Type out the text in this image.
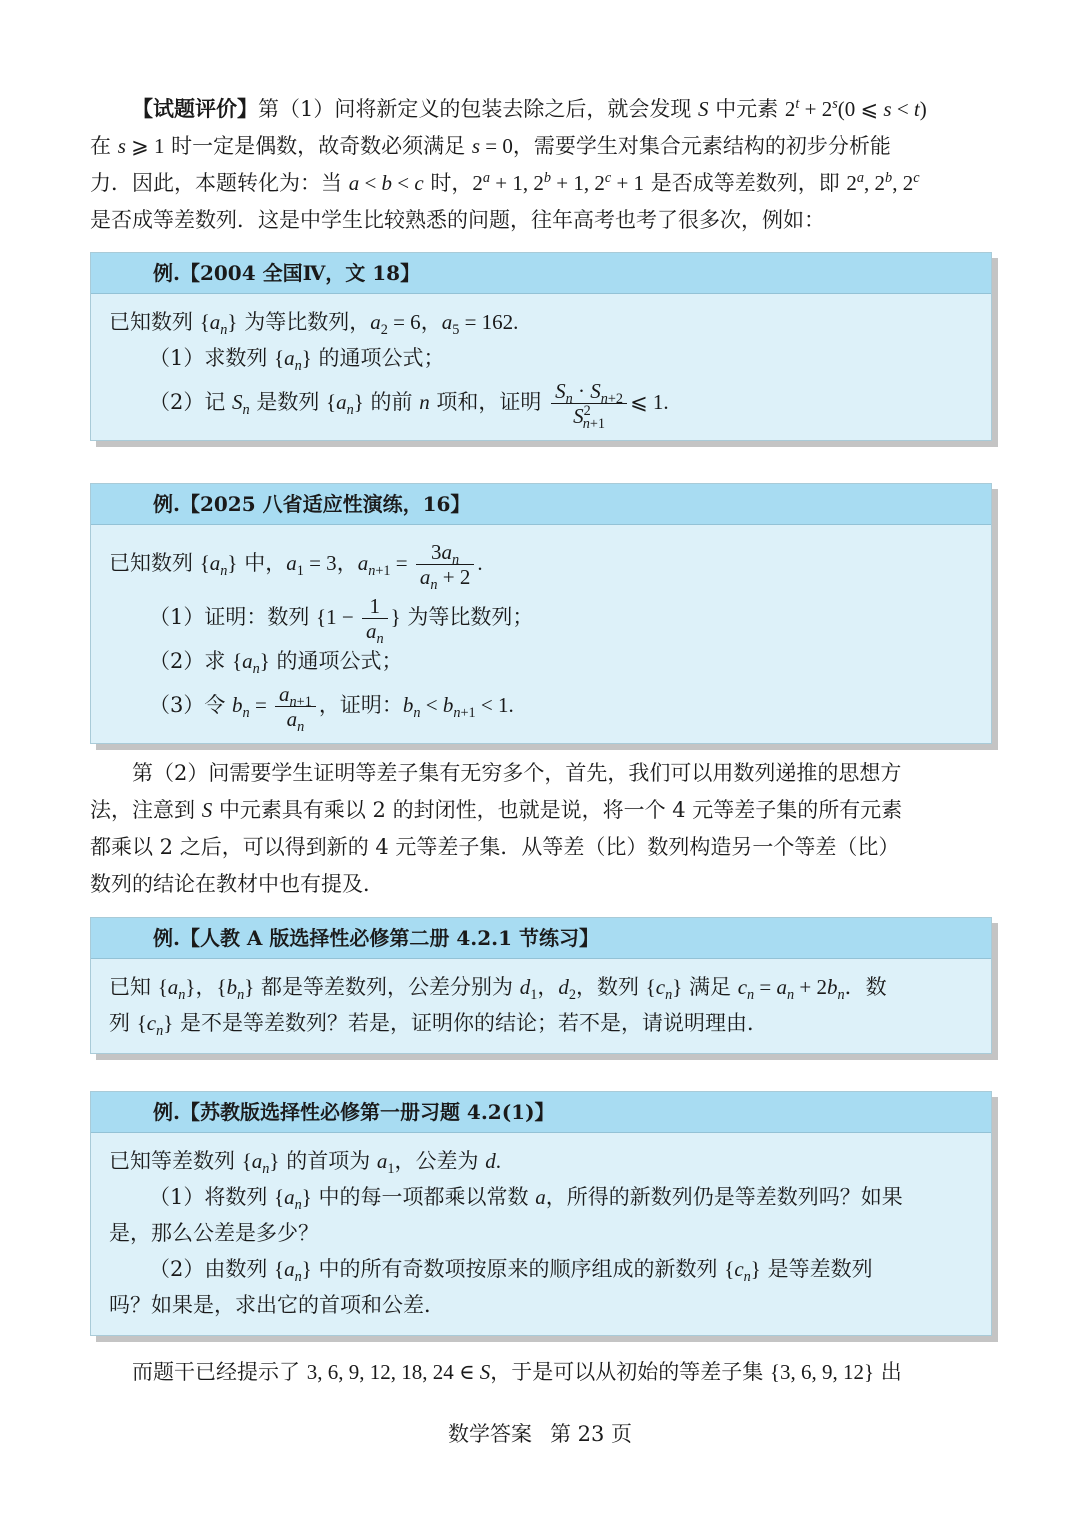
【试题评价】第（1）问将新定义的包装去除之后，就会发现 S 中元素 $2^t + 2^s(0$ ⩽ s < t)
在 s ⩾ 1 时一定是偶数，故奇数必须满足 s = 0，需要学生对集合元素结构的初步分析能
力．因此，本题转化为：当 a < b < c 时，$2^a + 1$, $2^b + 1$, $2^c + 1$ 是否成等差数列，即 2$^a$, 2$^b$, 2$^c$
是否成等差数列．这是中学生比较熟悉的问题，往年高考也考了很多次，例如：
例.【2004 全国Ⅳ，文 18】
已知数列 $\{a_n\}$ 为等比数列，$a_2 = 6$，$a_5 = 162$.
（1）求数列 $\{a_n\}$ 的通项公式；
（2）记 $S_n$ 是数列 $\{a_n\}$ 的前 n 项和，证明 $\frac{S_n \cdot S_{n+2}}{S^2_{n+1}}$ ⩽ 1.
例.【2025 八省适应性演练，16】
已知数列 $\{a_n\}$ 中，$a_1 = 3$，$a_{n+1} = \frac{3a_n}{a_n + 2}$ .
（1）证明：数列 {$1 - \frac{1}{a_n}$ } 为等比数列；
（2）求 $\{a_n\}$ 的通项公式；
（3）令 $b_n = \frac{a_{n+1}}{a_n}$ ，证明：$b_n < b_{n+1} < 1$.
第（2）问需要学生证明等差子集有无穷多个，首先，我们可以用数列递推的思想方
法，注意到 S 中元素具有乘以 2 的封闭性，也就是说，将一个 4 元等差子集的所有元素
都乘以 2 之后，可以得到新的 4 元等差子集．从等差（比）数列构造另一个等差（比）
数列的结论在教材中也有提及．
例.【人教 A 版选择性必修第二册 4.2.1 节练习】
已知 $\{a_n\}$，$\{b_n\}$ 都是等差数列，公差分别为 $d_1$，$d_2$，数列 $\{c_n\}$ 满足 $c_n = a_n + 2b_n$．数
列 $\{c_n\}$ 是不是等差数列？若是，证明你的结论；若不是，请说明理由．
例.【苏教版选择性必修第一册习题 4.2(1)】
已知等差数列 $\{a_n\}$ 的首项为 $a_1$，公差为 d.
（1）将数列 $\{a_n\}$ 中的每一项都乘以常数 a，所得的新数列仍是等差数列吗？如果
是，那么公差是多少？
（2）由数列 $\{a_n\}$ 中的所有奇数项按原来的顺序组成的新数列 $\{c_n\}$ 是等差数列
吗？如果是，求出它的首项和公差．
而题干已经提示了 3, 6, 9, 12, 18, 24 ∈ S，于是可以从初始的等差子集 {3, 6, 9, 12} 出
数学答案 第 23 页
